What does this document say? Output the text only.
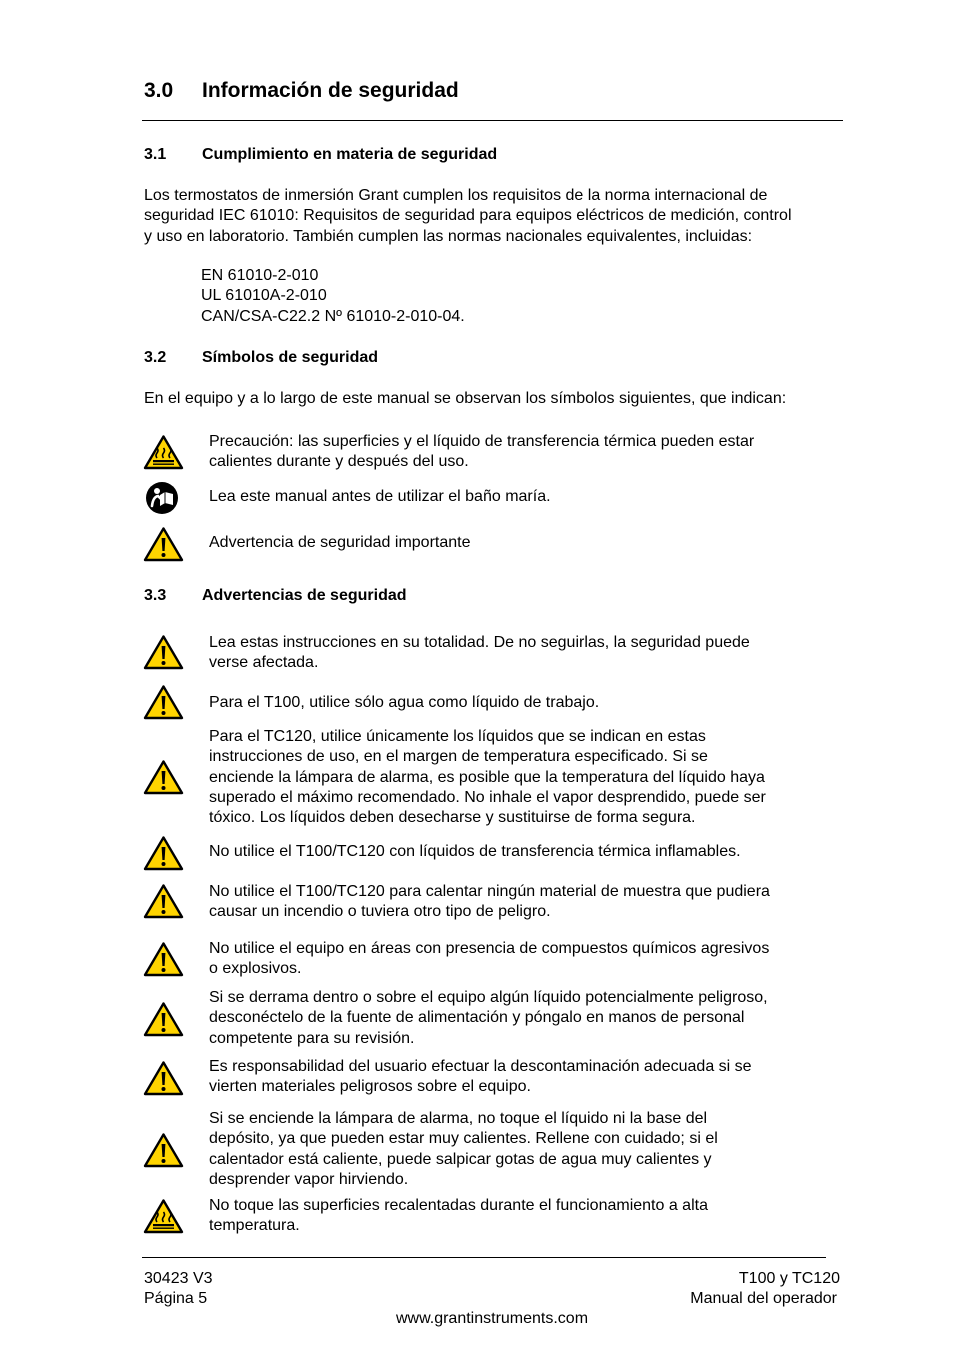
3.0 Información de seguridad
3.1 Cumplimiento en materia de seguridad
Los termostatos de inmersión Grant cumplen los requisitos de la norma internacional de
seguridad IEC 61010: Requisitos de seguridad para equipos eléctricos de medición, control
y uso en laboratorio. También cumplen las normas nacionales equivalentes, incluidas:
EN 61010-2-010
UL 61010A-2-010
CAN/CSA-C22.2 Nº 61010-2-010-04.
3.2 Símbolos de seguridad
En el equipo y a lo largo de este manual se observan los símbolos siguientes, que indican:
Precaución: las superficies y el líquido de transferencia térmica pueden estar
calientes durante y después del uso.
Lea este manual antes de utilizar el baño maría.
Advertencia de seguridad importante
3.3 Advertencias de seguridad
Lea estas instrucciones en su totalidad. De no seguirlas, la seguridad puede
verse afectada.
Para el T100, utilice sólo agua como líquido de trabajo.
Para el TC120, utilice únicamente los líquidos que se indican en estas
instrucciones de uso, en el margen de temperatura especificado. Si se
enciende la lámpara de alarma, es posible que la temperatura del líquido haya
superado el máximo recomendado. No inhale el vapor desprendido, puede ser
tóxico. Los líquidos deben desecharse y sustituirse de forma segura.
No utilice el T100/TC120 con líquidos de transferencia térmica inflamables.
No utilice el T100/TC120 para calentar ningún material de muestra que pudiera
causar un incendio o tuviera otro tipo de peligro.
No utilice el equipo en áreas con presencia de compuestos químicos agresivos
o explosivos.
Si se derrama dentro o sobre el equipo algún líquido potencialmente peligroso,
desconéctelo de la fuente de alimentación y póngalo en manos de personal
competente para su revisión.
Es responsabilidad del usuario efectuar la descontaminación adecuada si se
vierten materiales peligrosos sobre el equipo.
Si se enciende la lámpara de alarma, no toque el líquido ni la base del
depósito, ya que pueden estar muy calientes. Rellene con cuidado; si el
calentador está caliente, puede salpicar gotas de agua muy calientes y
desprender vapor hirviendo.
No toque las superficies recalentadas durante el funcionamiento a alta
temperatura.
30423 V3
Página 5
T100 y TC120
Manual del operador
www.grantinstruments.com
